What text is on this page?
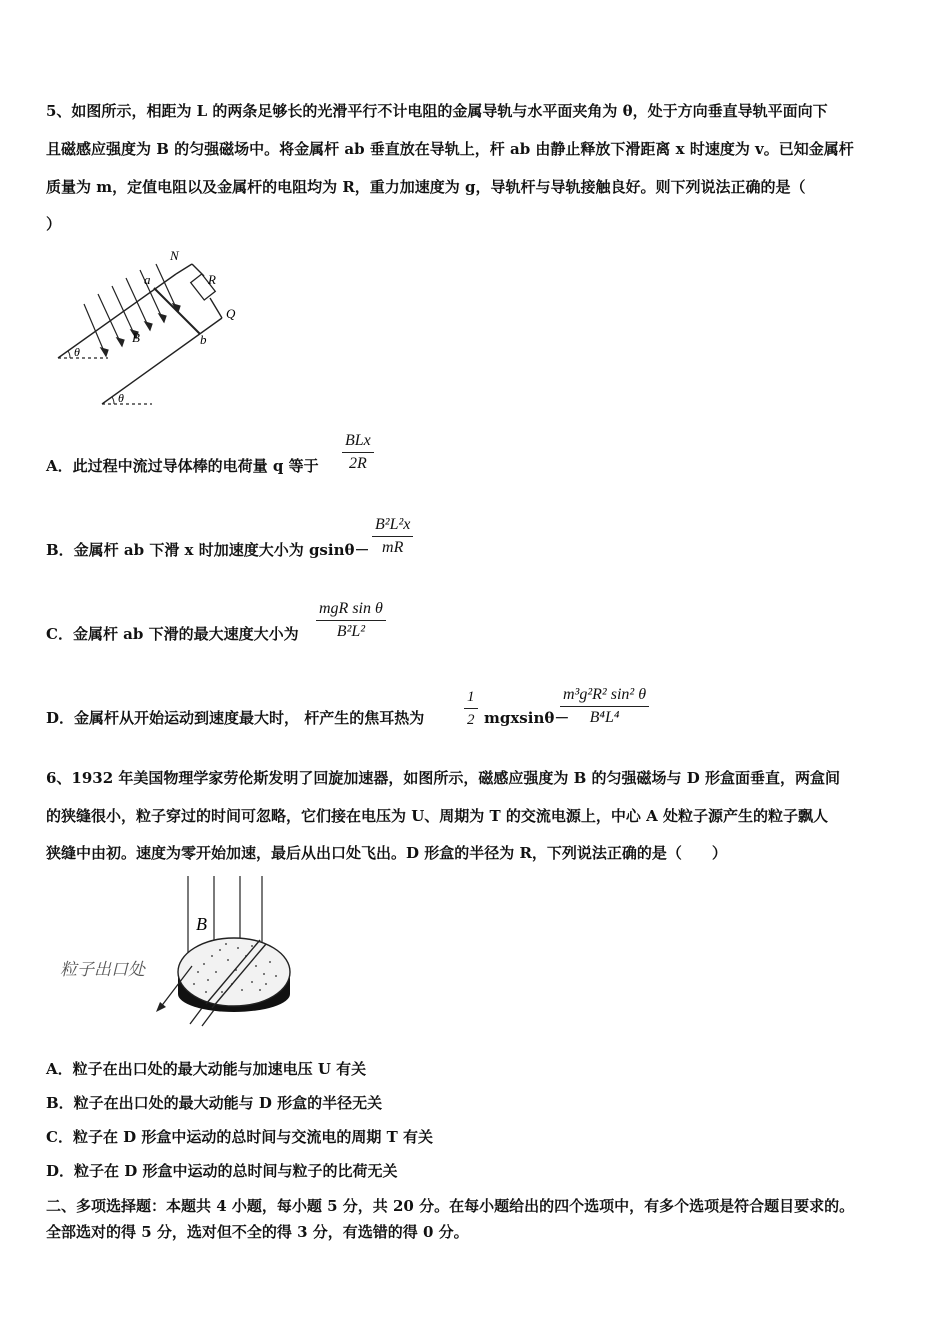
5、如图所示，相距为 L 的两条足够长的光滑平行不计电阻的金属导轨与水平面夹角为 θ，处于方向垂直导轨平面向下
且磁感应强度为 B 的匀强磁场中。将金属杆 ab 垂直放在导轨上，杆 ab 由静止释放下滑距离 x 时速度为 v。已知金属杆
质量为 m，定值电阻以及金属杆的电阻均为 R，重力加速度为 g，导轨杆与导轨接触良好。则下列说法正确的是（
）
N
R
a
Q
B	b
θ
θ
A．此过程中流过导体棒的电荷量 q 等于
BLx
2R
B．金属杆 ab 下滑 x 时加速度大小为 gsinθ－
B²L²x
mR
C．金属杆 ab 下滑的最大速度大小为
mgR sin θ
B²L²
D．金属杆从开始运动到速度最大时， 杆产生的焦耳热为
1
2 mgxsinθ－
m³g²R² sin² θ
B⁴L⁴
6、1932 年美国物理学家劳伦斯发明了回旋加速器，如图所示，磁感应强度为 B 的匀强磁场与 D 形盒面垂直，两盒间
的狭缝很小，粒子穿过的时间可忽略，它们接在电压为 U、周期为 T 的交流电源上，中心 A 处粒子源产生的粒子飘人
狭缝中由初。速度为零开始加速，最后从出口处飞出。D 形盒的半径为 R，下列说法正确的是（　　）
B
粒子出口处
A．粒子在出口处的最大动能与加速电压 U 有关
B．粒子在出口处的最大动能与 D 形盒的半径无关
C．粒子在 D 形盒中运动的总时间与交流电的周期 T 有关
D．粒子在 D 形盒中运动的总时间与粒子的比荷无关
二、多项选择题：本题共 4 小题，每小题 5 分，共 20 分。在每小题给出的四个选项中，有多个选项是符合题目要求的。
全部选对的得 5 分，选对但不全的得 3 分，有选错的得 0 分。
